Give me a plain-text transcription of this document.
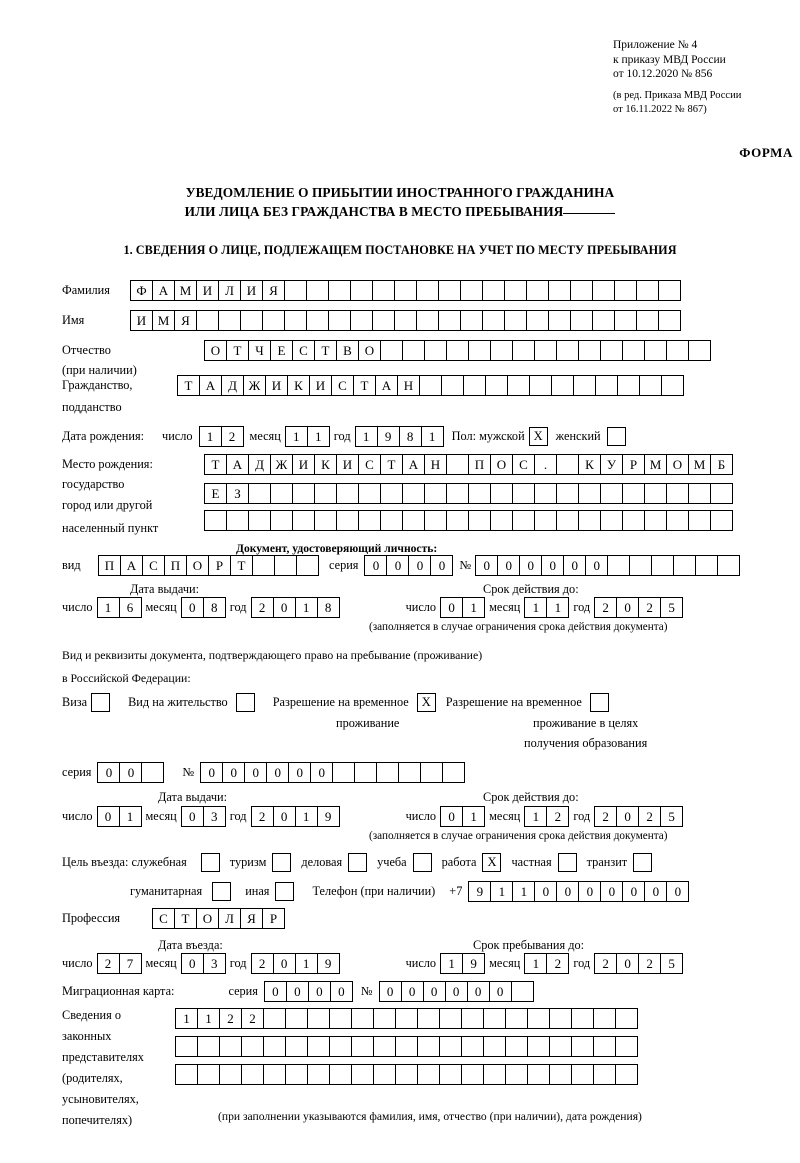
Приложение № 4
к приказу МВД России
от 10.12.2020 № 856
(в ред. Приказа МВД России
от 16.11.2022 № 867)
ФОРМА
УВЕДОМЛЕНИЕ О ПРИБЫТИИ ИНОСТРАННОГО ГРАЖДАНИНА
ИЛИ ЛИЦА БЕЗ ГРАЖДАНСТВА В МЕСТО ПРЕБЫВАНИЯ
1. СВЕДЕНИЯ О ЛИЦЕ, ПОДЛЕЖАЩЕМ ПОСТАНОВКЕ НА УЧЕТ ПО МЕСТУ ПРЕБЫВАНИЯ
Фамилия	Ф А М И Л И Я
Имя	И М Я
Отчество	О	Т	Ч	Е	С	Т	В О
(при наличии)
Гражданство,	Т	А Д Ж И К И С	Т	А Н
подданство
Дата рождения: число	1	2	месяц 1	1 год 1	9	8	1	Пол: мужской X	женский
Место рождения:	Т	А Д Ж И К И С	Т	А Н	П О С	.	К	У	Р М О М Б
государство
Е	З
город или другой
населенный пункт
Документ, удостоверяющий личность:
вид	П А С П О	Р	Т	серия	0	0	0	0	№ 0	0	0	0	0	0
Дата выдачи:	Срок действия до:
число 1	6 месяц 0	8 год 2	0	1	8	число 0	1 месяц 1	1 год 2	0	2	5
(заполняется в случае ограничения срока действия документа)
Вид и реквизиты документа, подтверждающего право на пребывание (проживание)
в Российской Федерации:
Виза	Вид на жительство	Разрешение на временное	X	Разрешение на временное
проживание	проживание в целях
получения образования
серия	0	0	№	0	0	0	0	0	0
Дата выдачи:	Срок действия до:
число 0	1 месяц 0	3 год 2	0	1	9	число 0	1 месяц 1	2 год 2	0	2	5
(заполняется в случае ограничения срока действия документа)
Цель въезда: служебная	туризм	деловая	учеба	работа X	частная	транзит
гуманитарная	иная	Телефон (при наличии) +7	9	1	1	0	0	0	0	0	0	0
Профессия	С	Т	О Л	Я	Р
Дата въезда:	Срок пребывания до:
число 2	7 месяц 0	3 год 2	0	1	9	число 1	9 месяц 1	2 год 2	0	2	5
Миграционная карта:	серия	0	0	0	0	№	0	0	0	0	0	0
Сведения о
законных
представителях
(родителях,
усыновителях,
попечителях)
1	1	2	2
(при заполнении указываются фамилия, имя, отчество (при наличии), дата рождения)
